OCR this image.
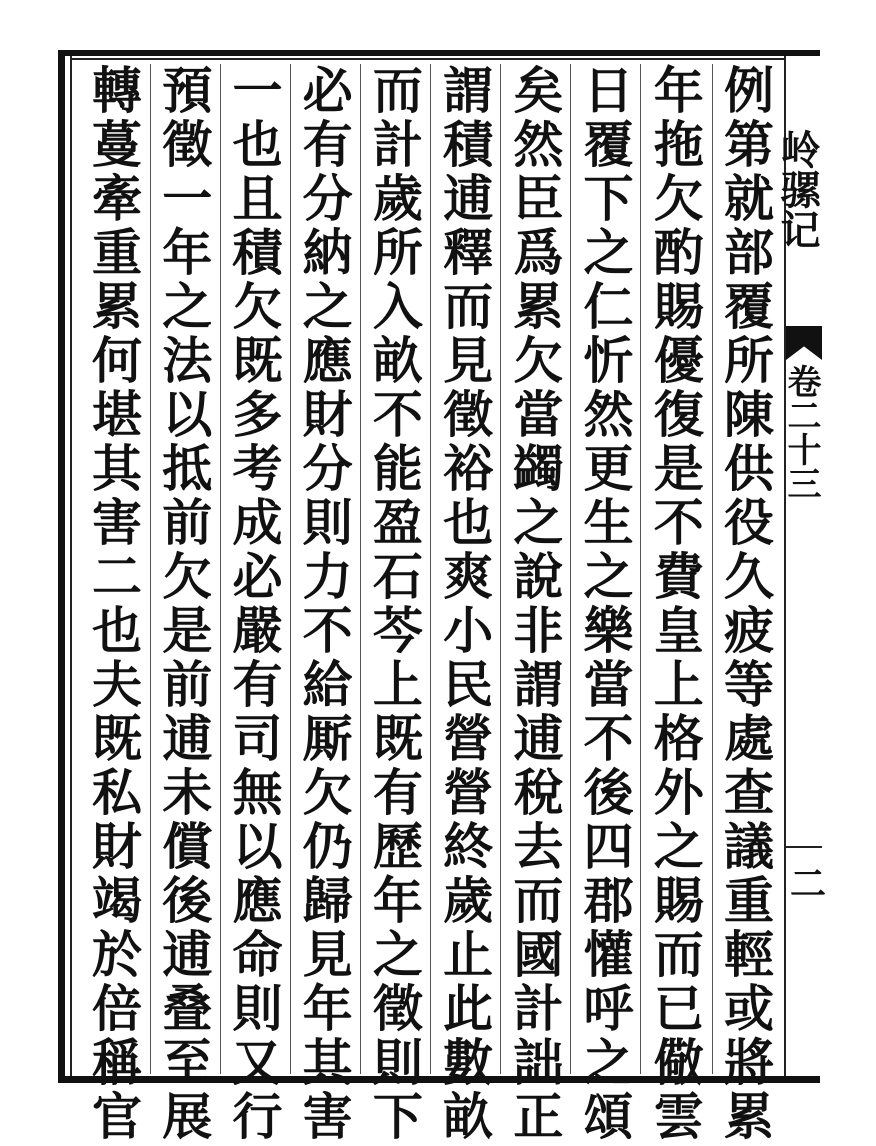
例
第
就
部
覆
所
陳
供
役
久
疲
等
處
查
議
重
輕
或
將
累
年
拖
欠
酌
賜
優
復
是
不
費
皇
上
格
外
之
賜
而
已
儆
雲
日
覆
下
之
仁
忻
然
更
生
之
樂
當
不
後
四
郡
懽
呼
之
頌
矣
然
臣
爲
累
欠
當
蠲
之
說
非
謂
逋
稅
去
而
國
計
詘
正
謂
積
逋
釋
而
見
徵
裕
也
爽
小
民
營
營
終
歲
止
此
數
畝
而
計
歲
所
入
畝
不
能
盈
石
芩
上
既
有
歷
年
之
徵
則
下
必
有
分
納
之
應
財
分
則
力
不
給
厮
欠
仍
歸
見
年
其
害
一
也
且
積
欠
既
多
考
成
必
嚴
有
司
無
以
應
命
則
又
行
預
徵
一
年
之
法
以
抵
前
欠
是
前
逋
未
償
後
逋
叠
至
展
轉
蔓
牽
重
累
何
堪
其
害
二
也
夫
既
私
財
竭
於
倍
稱
官
岭骡记
卷二十三
二
